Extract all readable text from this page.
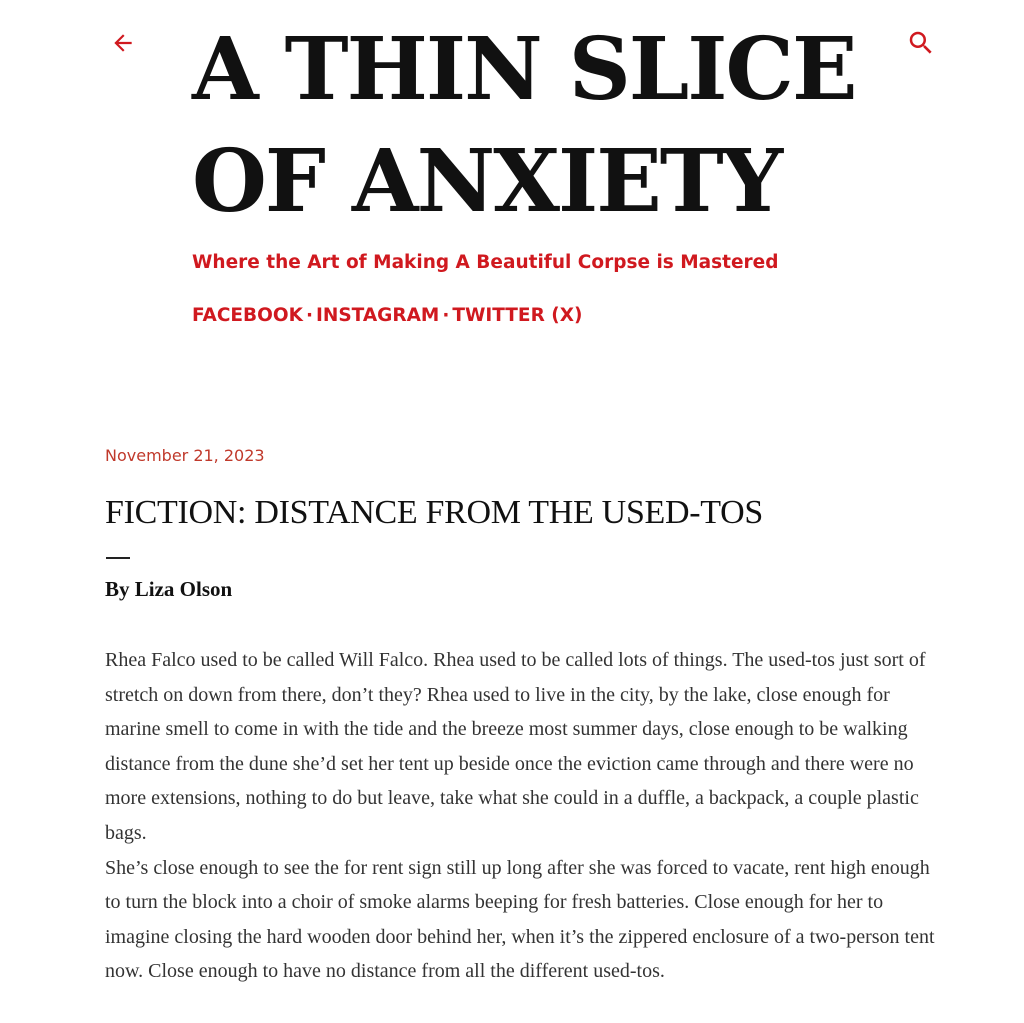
A THIN SLICE OF ANXIETY

Where the Art of Making A Beautiful Corpse is Mastered

FACEBOOK · INSTAGRAM · TWITTER (X)
November 21, 2023
FICTION: DISTANCE FROM THE USED-TOS
By Liza Olson

Rhea Falco used to be called Will Falco. Rhea used to be called lots of things. The used-tos just sort of stretch on down from there, don’t they? Rhea used to live in the city, by the lake, close enough for marine smell to come in with the tide and the breeze most summer days, close enough to be walking distance from the dune she’d set her tent up beside once the eviction came through and there were no more extensions, nothing to do but leave, take what she could in a duffle, a backpack, a couple plastic bags.

She’s close enough to see the for rent sign still up long after she was forced to vacate, rent high enough to turn the block into a choir of smoke alarms beeping for fresh batteries. Close enough for her to imagine closing the hard wooden door behind her, when it’s the zippered enclosure of a two-person tent now. Close enough to have no distance from all the different used-tos.
